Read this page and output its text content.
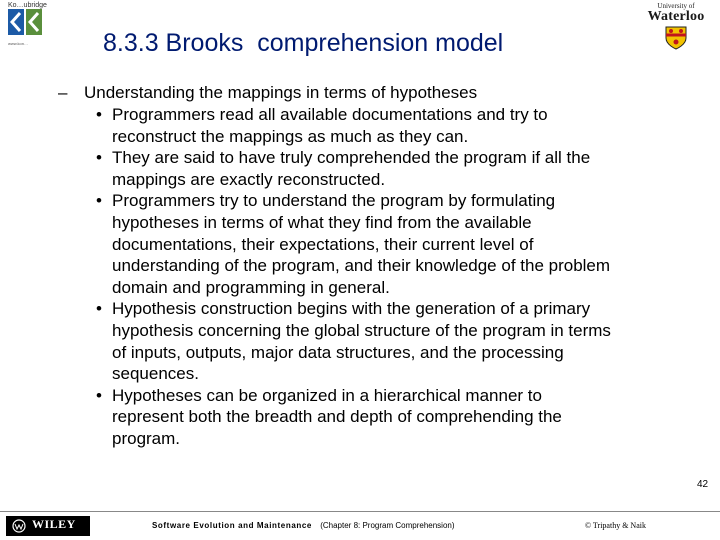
Ko…ubridge
www.kon…
University of
Waterloo
8.3.3 Brooks  comprehension model
– Understanding the mappings in terms of hypotheses
• Programmers read all available documentations and try to
reconstruct the mappings as much as they can.
• They are said to have truly comprehended the program if all the
mappings are exactly reconstructed.
• Programmers try to understand the program by formulating
hypotheses in terms of what they find from the available
documentations, their expectations, their current level of
understanding of the program, and their knowledge of the problem
domain and programming in general.
• Hypothesis construction begins with the generation of a primary
hypothesis concerning the global structure of the program in terms
of inputs, outputs, major data structures, and the processing
sequences.
• Hypotheses can be organized in a hierarchical manner to
represent both the breadth and depth of comprehending the
program.
42
WILEY	Software Evolution and Maintenance (Chapter 8: Program Comprehension)	© Tripathy & Naik
